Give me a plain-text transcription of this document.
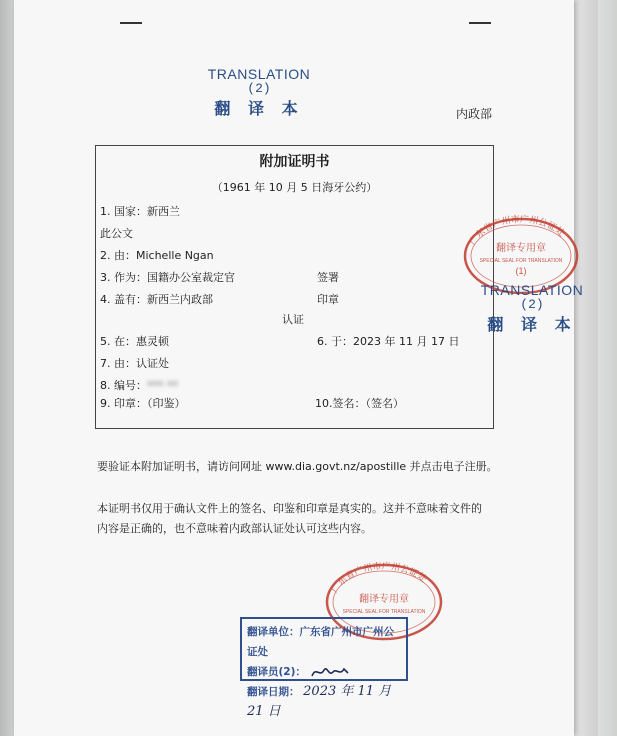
TRANSLATION
(2)
翻 译 本	内政部
附加证明书
（1961 年 10 月 5 日海牙公约）
1. 国家：新西兰
此公文
2. 由：Michelle Ngan
3. 作为：国籍办公室裁定官	签署
4. 盖有：新西兰内政部	印章
认证
5. 在：惠灵顿	6. 于：2023 年 11 月 17 日
7. 由：认证处
8. 编号：*** **
9. 印章：（印鉴）	10.签名：（签名）
要验证本附加证明书，请访问网址 www.dia.govt.nz/apostille 并点击电子注册。
本证明书仅用于确认文件上的签名、印鉴和印章是真实的。这并不意味着文件的
内容是正确的，也不意味着内政部认证处认可这些内容。
广东省广州市广州公证处
翻译专用章
SPECIAL SEAL FOR TRANSLATION
(1)
TRANSLATION
(2)
翻 译 本
广东省广州市广州公证处
翻译专用章
SPECIAL SEAL FOR TRANSLATION
翻译单位：广东省广州市广州公证处
翻译员(2)：
翻译日期： 2023 年 11 月 21 日
